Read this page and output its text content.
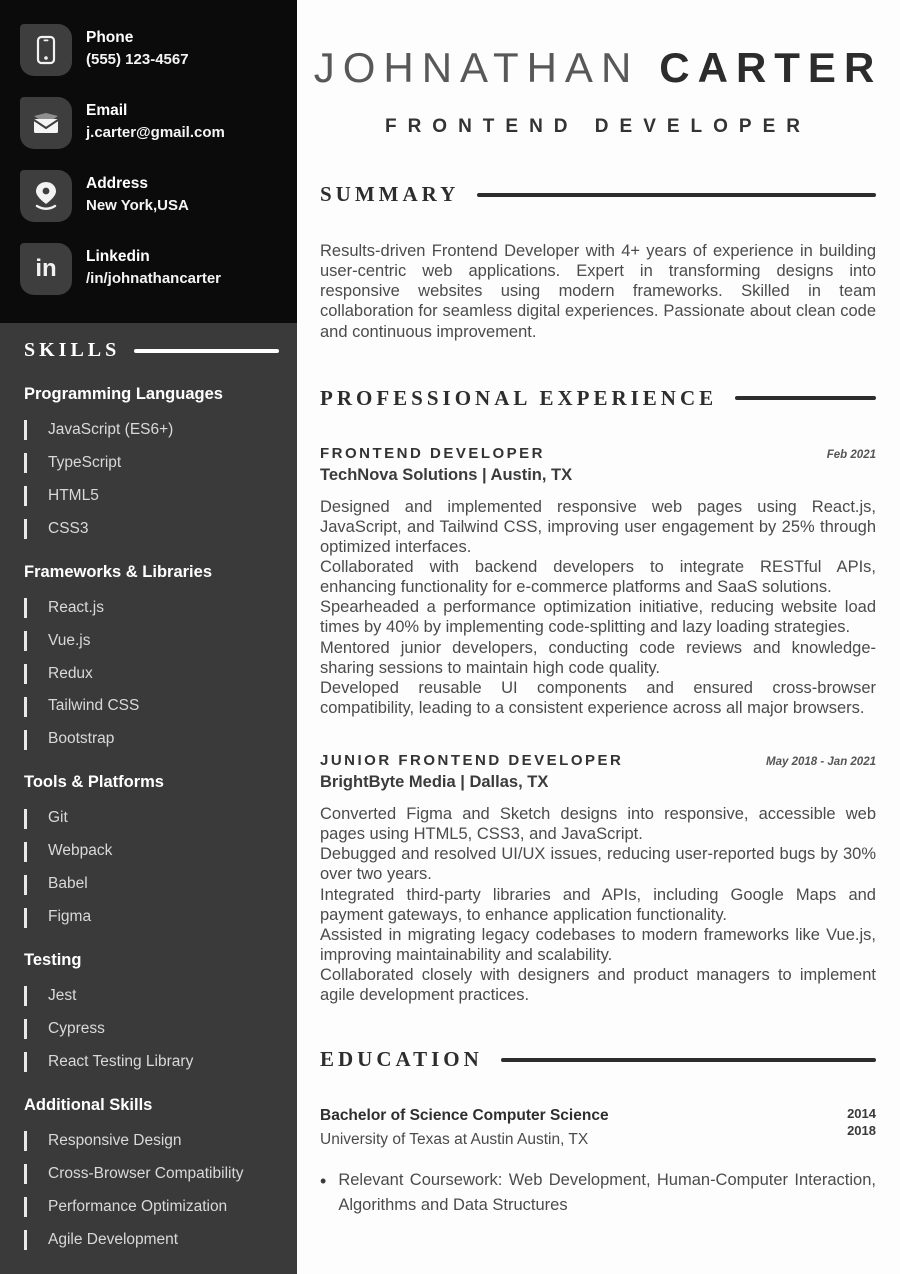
Phone
(555) 123-4567
Email
j.carter@gmail.com
Address
New York,USA
in Linkedin
/in/johnathancarter
SKILLS
Programming Languages
JavaScript (ES6+)
TypeScript
HTML5
CSS3
Frameworks & Libraries
React.js
Vue.js
Redux
Tailwind CSS
Bootstrap
Tools & Platforms
Git
Webpack
Babel
Figma
Testing
Jest
Cypress
React Testing Library
Additional Skills
Responsive Design
Cross-Browser Compatibility
Performance Optimization
Agile Development
JOHNATHAN CARTER
FRONTEND DEVELOPER
SUMMARY

Results-driven Frontend Developer with 4+ years of experience in building user-centric web applications. Expert in transforming designs into responsive websites using modern frameworks. Skilled in team collaboration for seamless digital experiences. Passionate about clean code and continuous improvement.

PROFESSIONAL EXPERIENCE
FRONTEND DEVELOPER	Feb 2021
TechNova Solutions | Austin, TX

Designed and implemented responsive web pages using React.js, JavaScript, and Tailwind CSS, improving user engagement by 25% through optimized interfaces.

Collaborated with backend developers to integrate RESTful APIs, enhancing functionality for e-commerce platforms and SaaS solutions.

Spearheaded a performance optimization initiative, reducing website load times by 40% by implementing code-splitting and lazy loading strategies.

Mentored junior developers, conducting code reviews and knowledge-sharing sessions to maintain high code quality.

Developed reusable UI components and ensured cross-browser compatibility, leading to a consistent experience across all major browsers.

JUNIOR FRONTEND DEVELOPER	May 2018 - Jan 2021
BrightByte Media | Dallas, TX

Converted Figma and Sketch designs into responsive, accessible web pages using HTML5, CSS3, and JavaScript.

Debugged and resolved UI/UX issues, reducing user-reported bugs by 30% over two years.

Integrated third-party libraries and APIs, including Google Maps and payment gateways, to enhance application functionality.

Assisted in migrating legacy codebases to modern frameworks like Vue.js, improving maintainability and scalability.

Collaborated closely with designers and product managers to implement agile development practices.

EDUCATION
Bachelor of Science Computer Science
University of Texas at Austin Austin, TX
2014
2018
• Relevant Coursework: Web Development, Human-Computer Interaction, Algorithms and Data Structures
